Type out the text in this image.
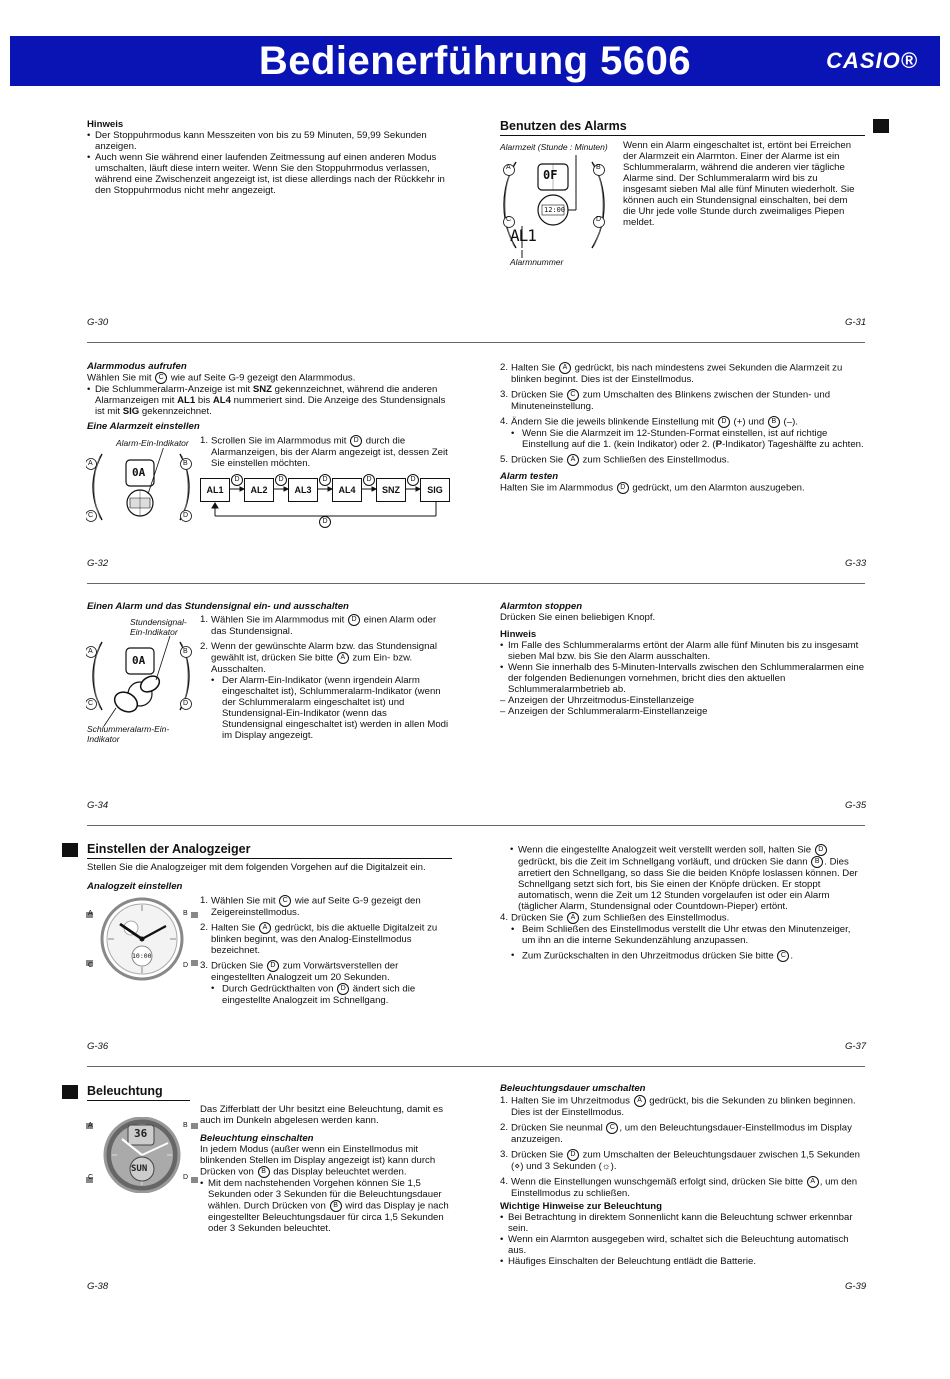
Bedienerführung 5606	CASIO®
Hinweis
• Der Stoppuhrmodus kann Messzeiten von bis zu 59 Minuten, 59,99 Sekunden anzeigen.
• Auch wenn Sie während einer laufenden Zeitmessung auf einen anderen Modus umschalten, läuft diese intern weiter. Wenn Sie den Stoppuhrmodus verlassen, während eine Zwischenzeit angezeigt ist, ist diese allerdings nach der Rückkehr in den Stoppuhrmodus nicht mehr angezeigt.
G-30
Benutzen des Alarms
Alarmzeit (Stunde : Minuten)
0F
12:00
A	B
C	D
AL1
Alarmnummer
Wenn ein Alarm eingeschaltet ist, ertönt bei Erreichen der Alarmzeit ein Alarmton. Einer der Alarme ist ein Schlummeralarm, während die anderen vier tägliche Alarme sind. Der Schlummeralarm wird bis zu insgesamt sieben Mal alle fünf Minuten wiederholt. Sie können auch ein Stundensignal einschalten, bei dem die Uhr jede volle Stunde durch zweimaliges Piepen meldet.
G-31
Alarmmodus aufrufen
Wählen Sie mit C wie auf Seite G-9 gezeigt den Alarmmodus.
• Die Schlummeralarm-Anzeige ist mit SNZ gekennzeichnet, während die anderen Alarmanzeigen mit AL1 bis AL4 nummeriert sind. Die Anzeige des Stundensignals ist mit SIG gekennzeichnet.
Eine Alarmzeit einstellen
Alarm-Ein-Indikator
0A
A	B
C	D
1. Scrollen Sie im Alarmmodus mit D durch die Alarmanzeigen, bis der Alarm angezeigt ist, dessen Zeit Sie einstellen möchten.
AL1	AL2	AL3	AL4	SNZ	SIG
D	D	D	D	D
D
G-32
2. Halten Sie A gedrückt, bis nach mindestens zwei Sekunden die Alarmzeit zu blinken beginnt. Dies ist der Einstellmodus.
3. Drücken Sie C zum Umschalten des Blinkens zwischen der Stunden- und Minuteneinstellung.
4. Ändern Sie die jeweils blinkende Einstellung mit D (+) und B (–).
• Wenn Sie die Alarmzeit im 12-Stunden-Format einstellen, ist auf richtige Einstellung auf die 1. (kein Indikator) oder 2. (P-Indikator) Tageshälfte zu achten.
5. Drücken Sie A zum Schließen des Einstellmodus.
Alarm testen
Halten Sie im Alarmmodus D gedrückt, um den Alarmton auszugeben.
G-33
Einen Alarm und das Stundensignal ein- und ausschalten
Stundensignal-Ein-Indikator
0A
A	B
C	D
Schlummeralarm-Ein-Indikator
1. Wählen Sie im Alarmmodus mit D einen Alarm oder das Stundensignal.
2. Wenn der gewünschte Alarm bzw. das Stundensignal gewählt ist, drücken Sie bitte A zum Ein- bzw. Ausschalten.
• Der Alarm-Ein-Indikator (wenn irgendein Alarm eingeschaltet ist), Schlummeralarm-Indikator (wenn der Schlummeralarm eingeschaltet ist) und Stundensignal-Ein-Indikator (wenn das Stundensignal eingeschaltet ist) werden in allen Modi im Display angezeigt.
G-34
Alarmton stoppen
Drücken Sie einen beliebigen Knopf.
Hinweis
• Im Falle des Schlummeralarms ertönt der Alarm alle fünf Minuten bis zu insgesamt sieben Mal bzw. bis Sie den Alarm ausschalten.
• Wenn Sie innerhalb des 5-Minuten-Intervalls zwischen den Schlummeralarmen eine der folgenden Bedienungen vornehmen, bricht dies den aktuellen Schlummeralarmbetrieb ab.
– Anzeigen der Uhrzeitmodus-Einstellanzeige
– Anzeigen der Schlummeralarm-Einstellanzeige
G-35
Einstellen der Analogzeiger
Stellen Sie die Analogzeiger mit dem folgenden Vorgehen auf die Digitalzeit ein.
Analogzeit einstellen
10:00
A	B
C	D
1. Wählen Sie mit C wie auf Seite G-9 gezeigt den Zeigereinstellmodus.
2. Halten Sie A gedrückt, bis die aktuelle Digitalzeit zu blinken beginnt, was den Analog-Einstellmodus bezeichnet.
3. Drücken Sie D zum Vorwärtsverstellen der eingestellten Analogzeit um 20 Sekunden.
• Durch Gedrückthalten von D ändert sich die eingestellte Analogzeit im Schnellgang.
G-36
• Wenn die eingestellte Analogzeit weit verstellt werden soll, halten Sie D gedrückt, bis die Zeit im Schnellgang vorläuft, und drücken Sie dann B . Dies arretiert den Schnellgang, so dass Sie die beiden Knöpfe loslassen können. Der Schnellgang setzt sich fort, bis Sie einen der Knöpfe drücken. Er stoppt automatisch, wenn die Zeit um 12 Stunden vorgelaufen ist oder ein Alarm (täglicher Alarm, Stundensignal oder Countdown-Pieper) ertönt.
4. Drücken Sie A zum Schließen des Einstellmodus.
• Beim Schließen des Einstellmodus verstellt die Uhr etwas den Minutenzeiger, um ihn an die interne Sekundenzählung anzupassen.
• Zum Zurückschalten in den Uhrzeitmodus drücken Sie bitte C .
G-37
Beleuchtung
36
SUN
A	B
C	D
Das Zifferblatt der Uhr besitzt eine Beleuchtung, damit es auch im Dunkeln abgelesen werden kann.
Beleuchtung einschalten
In jedem Modus (außer wenn ein Einstellmodus mit blinkenden Stellen im Display angezeigt ist) kann durch Drücken von B das Display beleuchtet werden.
• Mit dem nachstehenden Vorgehen können Sie 1,5 Sekunden oder 3 Sekunden für die Beleuchtungsdauer wählen. Durch Drücken von B wird das Display je nach eingestellter Beleuchtungsdauer für circa 1,5 Sekunden oder 3 Sekunden beleuchtet.
G-38
Beleuchtungsdauer umschalten
1. Halten Sie im Uhrzeitmodus A gedrückt, bis die Sekunden zu blinken beginnen. Dies ist der Einstellmodus.
2. Drücken Sie neunmal C , um den Beleuchtungsdauer-Einstellmodus im Display anzuzeigen.
3. Drücken Sie D zum Umschalten der Beleuchtungsdauer zwischen 1,5 Sekunden (⋄) und 3 Sekunden (☼).
4. Wenn die Einstellungen wunschgemäß erfolgt sind, drücken Sie bitte A , um den Einstellmodus zu schließen.
Wichtige Hinweise zur Beleuchtung
• Bei Betrachtung in direktem Sonnenlicht kann die Beleuchtung schwer erkennbar sein.
• Wenn ein Alarmton ausgegeben wird, schaltet sich die Beleuchtung automatisch aus.
• Häufiges Einschalten der Beleuchtung entlädt die Batterie.
G-39
